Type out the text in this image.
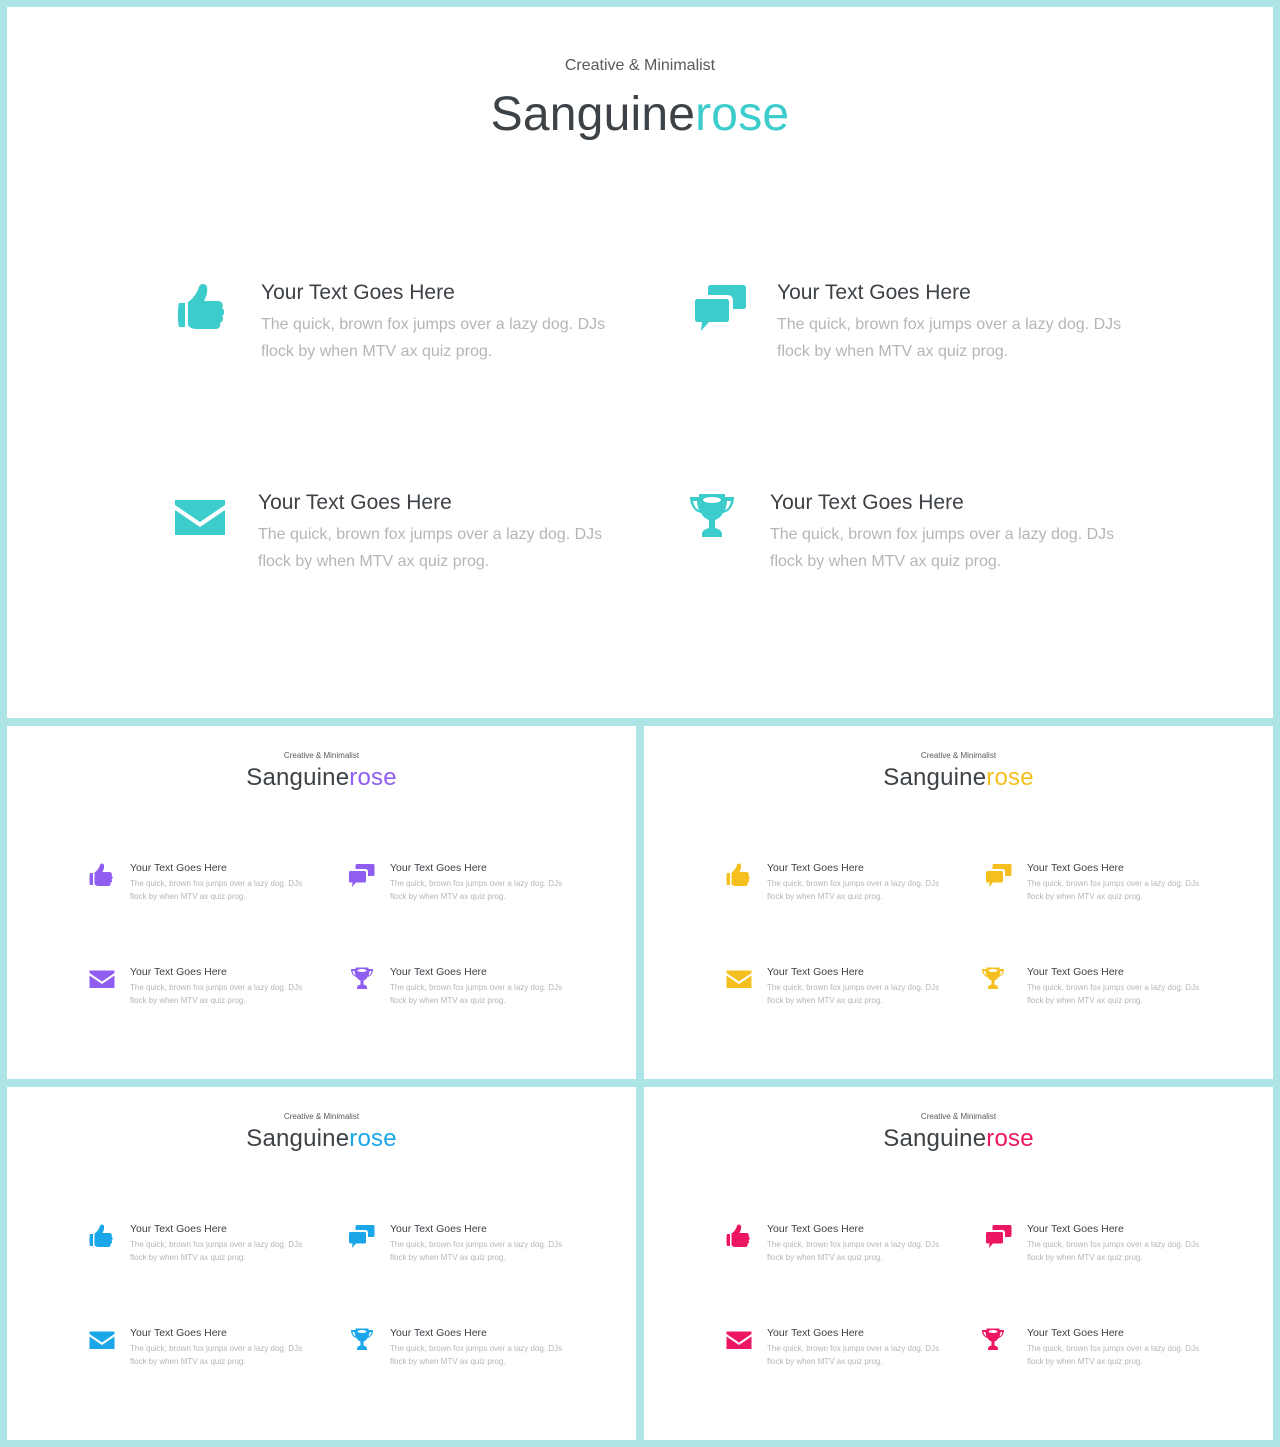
Creative & Minimalist
Sanguinerose
Your Text Goes Here
The quick, brown fox jumps over a lazy dog. DJs flock by when MTV ax quiz prog.
Your Text Goes Here
The quick, brown fox jumps over a lazy dog. DJs flock by when MTV ax quiz prog.
Your Text Goes Here
The quick, brown fox jumps over a lazy dog. DJs flock by when MTV ax quiz prog.
Your Text Goes Here
The quick, brown fox jumps over a lazy dog. DJs flock by when MTV ax quiz prog.
Creative & Minimalist
Sanguinerose
Your Text Goes Here
The quick, brown fox jumps over a lazy dog. DJs flock by when MTV ax quiz prog.
Your Text Goes Here
The quick, brown fox jumps over a lazy dog. DJs flock by when MTV ax quiz prog.
Your Text Goes Here
The quick, brown fox jumps over a lazy dog. DJs flock by when MTV ax quiz prog.
Your Text Goes Here
The quick, brown fox jumps over a lazy dog. DJs flock by when MTV ax quiz prog.
Creative & Minimalist
Sanguinerose
Your Text Goes Here
The quick, brown fox jumps over a lazy dog. DJs flock by when MTV ax quiz prog.
Your Text Goes Here
The quick, brown fox jumps over a lazy dog. DJs flock by when MTV ax quiz prog.
Your Text Goes Here
The quick, brown fox jumps over a lazy dog. DJs flock by when MTV ax quiz prog.
Your Text Goes Here
The quick, brown fox jumps over a lazy dog. DJs flock by when MTV ax quiz prog.
Creative & Minimalist
Sanguinerose
Your Text Goes Here
The quick, brown fox jumps over a lazy dog. DJs flock by when MTV ax quiz prog.
Your Text Goes Here
The quick, brown fox jumps over a lazy dog. DJs flock by when MTV ax quiz prog.
Your Text Goes Here
The quick, brown fox jumps over a lazy dog. DJs flock by when MTV ax quiz prog.
Your Text Goes Here
The quick, brown fox jumps over a lazy dog. DJs flock by when MTV ax quiz prog.
Creative & Minimalist
Sanguinerose
Your Text Goes Here
The quick, brown fox jumps over a lazy dog. DJs flock by when MTV ax quiz prog.
Your Text Goes Here
The quick, brown fox jumps over a lazy dog. DJs flock by when MTV ax quiz prog.
Your Text Goes Here
The quick, brown fox jumps over a lazy dog. DJs flock by when MTV ax quiz prog.
Your Text Goes Here
The quick, brown fox jumps over a lazy dog. DJs flock by when MTV ax quiz prog.
